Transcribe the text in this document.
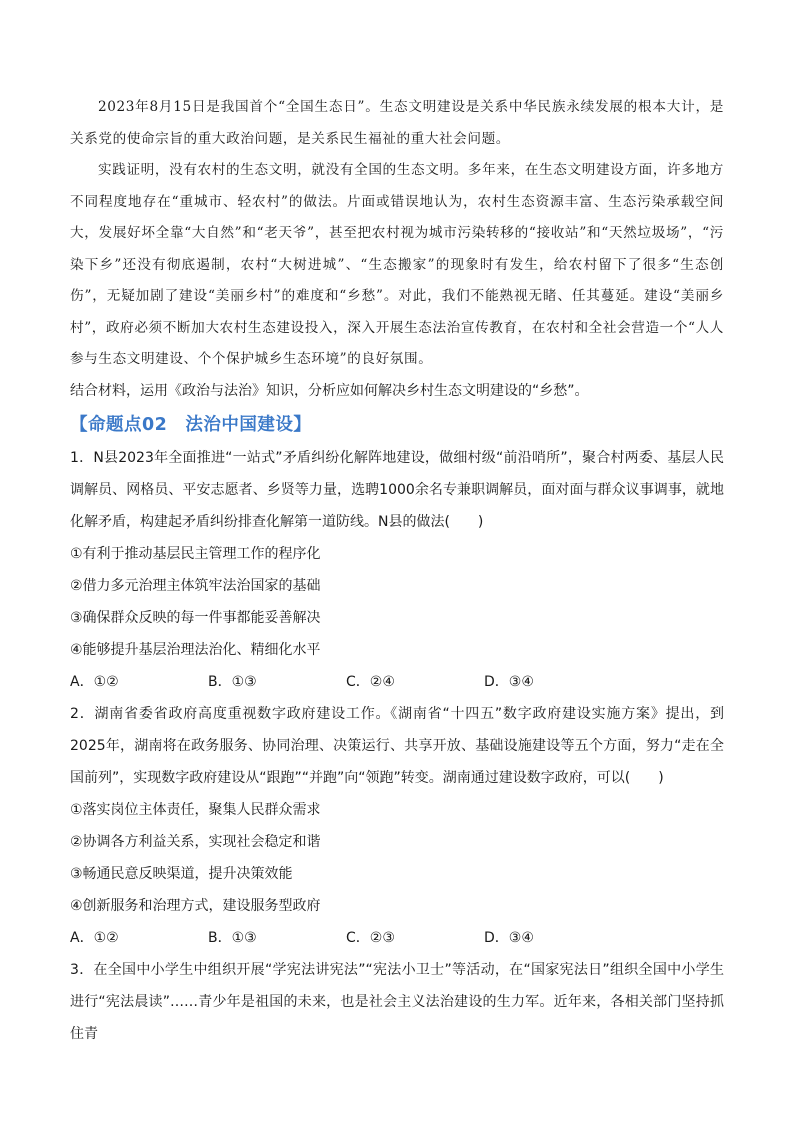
2023年8月15日是我国首个“全国生态日”。生态文明建设是关系中华民族永续发展的根本大计，是关系党的使命宗旨的重大政治问题，是关系民生福祉的重大社会问题。

实践证明，没有农村的生态文明，就没有全国的生态文明。多年来，在生态文明建设方面，许多地方不同程度地存在“重城市、轻农村”的做法。片面或错误地认为，农村生态资源丰富、生态污染承载空间大，发展好坏全靠“大自然”和“老天爷”，甚至把农村视为城市污染转移的“接收站”和“天然垃圾场”，“污染下乡”还没有彻底遏制，农村“大树进城”、“生态搬家”的现象时有发生，给农村留下了很多“生态创伤”，无疑加剧了建设“美丽乡村”的难度和“乡愁”。对此，我们不能熟视无睹、任其蔓延。建设“美丽乡村”，政府必须不断加大农村生态建设投入，深入开展生态法治宣传教育，在农村和全社会营造一个“人人参与生态文明建设、个个保护城乡生态环境”的良好氛围。

结合材料，运用《政治与法治》知识，分析应如何解决乡村生态文明建设的“乡愁”。

【命题点02　法治中国建设】

1．N县2023年全面推进“一站式”矛盾纠纷化解阵地建设，做细村级“前沿哨所”，聚合村两委、基层人民调解员、网格员、平安志愿者、乡贤等力量，选聘1000余名专兼职调解员，面对面与群众议事调事，就地化解矛盾，构建起矛盾纠纷排查化解第一道防线。N县的做法(　　)

①有利于推动基层民主管理工作的程序化

②借力多元治理主体筑牢法治国家的基础

③确保群众反映的每一件事都能妥善解决

④能够提升基层治理法治化、精细化水平

A．①②	B．①③	C．②④	D．③④

2．湖南省委省政府高度重视数字政府建设工作。《湖南省“十四五”数字政府建设实施方案》提出，到2025年，湖南将在政务服务、协同治理、决策运行、共享开放、基础设施建设等五个方面，努力“走在全国前列”，实现数字政府建设从“跟跑”“并跑”向“领跑”转变。湖南通过建设数字政府，可以(　　)

①落实岗位主体责任，聚集人民群众需求

②协调各方利益关系，实现社会稳定和谐

③畅通民意反映渠道，提升决策效能

④创新服务和治理方式，建设服务型政府

A．①②	B．①③	C．②③	D．③④

3．在全国中小学生中组织开展“学宪法讲宪法”“宪法小卫士”等活动，在“国家宪法日”组织全国中小学生进行“宪法晨读”……青少年是祖国的未来，也是社会主义法治建设的生力军。近年来，各相关部门坚持抓住青
